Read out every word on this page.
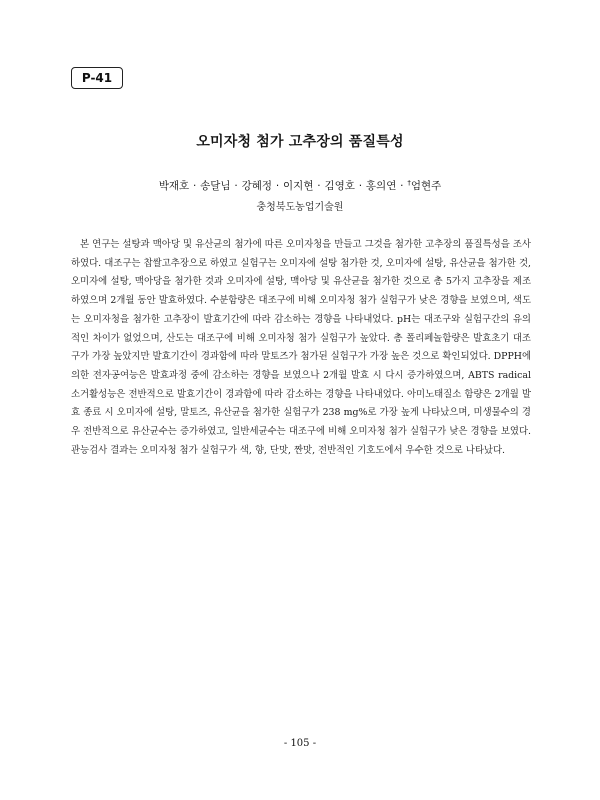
P-41
오미자청 첨가 고추장의 품질특성
박재호 · 송달님 · 강혜정 · 이지현 · 김영호 · 홍의연 · †엄현주
충청북도농업기술원

본 연구는 설탕과 맥아당 및 유산균의 첨가에 따른 오미자청을 만들고 그것을 첨가한 고추장의 품질특성을 조사하였다. 대조구는 찹쌀고추장으로 하였고 실험구는 오미자에 설탕 첨가한 것, 오미자에 설탕, 유산균을 첨가한 것, 오미자에 설탕, 맥아당을 첨가한 것과 오미자에 설탕, 맥아당 및 유산균을 첨가한 것으로 총 5가지 고추장을 제조하였으며 2개월 동안 발효하였다. 수분함량은 대조구에 비해 오미자청 첨가 실험구가 낮은 경향을 보였으며, 색도는 오미자청을 첨가한 고추장이 발효기간에 따라 감소하는 경향을 나타내었다. pH는 대조구와 실험구간의 유의적인 차이가 없었으며, 산도는 대조구에 비해 오미자청 첨가 실험구가 높았다. 총 폴리페놀함량은 발효초기 대조구가 가장 높았지만 발효기간이 경과함에 따라 말토즈가 첨가된 실험구가 가장 높은 것으로 확인되었다. DPPH에 의한 전자공여능은 발효과정 중에 감소하는 경향을 보였으나 2개월 발효 시 다시 증가하였으며, ABTS radical 소거활성능은 전반적으로 발효기간이 경과함에 따라 감소하는 경향을 나타내었다. 아미노태질소 함량은 2개월 발효 종료 시 오미자에 설탕, 말토즈, 유산균을 첨가한 실험구가 238 mg%로 가장 높게 나타났으며, 미생물수의 경우 전반적으로 유산균수는 증가하였고, 일반세균수는 대조구에 비해 오미자청 첨가 실험구가 낮은 경향을 보였다. 관능검사 결과는 오미자청 첨가 실험구가 색, 향, 단맛, 짠맛, 전반적인 기호도에서 우수한 것으로 나타났다.

- 105 -
